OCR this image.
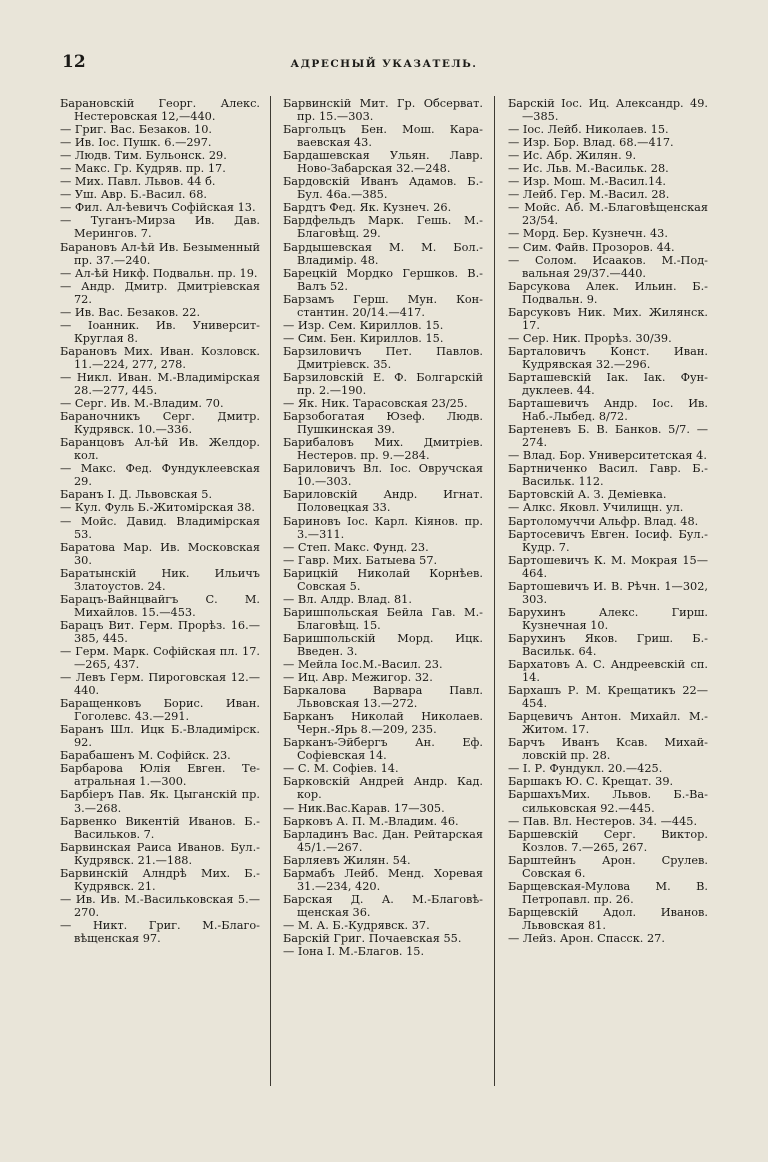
12	АДРЕСНЫЙ УКАЗАТЕЛЬ.
Барановскій Георг. Алекс. Нестеровская 12,—440.
— Григ. Вас. Безаков. 10.
— Ив. Іос. Пушк. 6.—297.
— Людв. Тим. Бульонск. 29.
— Макс. Гр. Кудряв. пр. 17.
— Мих. Павл. Львов. 44 б.
— Уш. Авр. Б.-Васил. 68.
— Фил. Ал-ѣевичъ Софійская 13.
— Туганъ-Мирза Ив. Дав. Мерингов. 7.
Барановъ Ал-ѣй Ив. Безыменный пр. 37.—240.
— Ал-ѣй Никф. Подвальн. пр. 19.
— Андр. Дмитр. Дмитріевская 72.
— Ив. Вас. Безаков. 22.
— Іоанник. Ив. Университ-Круглая 8.
Барановъ Мих. Иван. Козловск. 11.—224, 277, 278.
— Никл. Иван. М.-Владимірская 28.—277, 445.
— Серг. Ив. М.-Владим. 70.
Бараночникъ Серг. Дмитр. Кудрявск. 10.—336.
Баранцовъ Ал-ѣй Ив. Желдор. кол.
— Макс. Фед. Фундуклеевская 29.
Баранъ І. Д. Львовская 5.
— Кул. Фуль Б.-Житомірская 38.
— Мойс. Давид. Владимірская 53.
Баратова Мар. Ив. Московская 30.
Баратынскій Ник. Ильичъ Златоустов. 24.
Барацъ-Вайнцвайгъ С. М. Михайлов. 15.—453.
Барацъ Вит. Герм. Прорѣз. 16.—385, 445.
— Герм. Марк. Софійская пл. 17.—265, 437.
— Левъ Герм. Пироговская 12.—440.
Баращенковъ Борис. Иван. Гоголевс. 43.—291.
Баранъ Шл. Ицк Б.-Владимірск. 92.
Барабашенъ М. Софійск. 23.
Барбарова Юлія Евген. Театральная 1.—300.
Барбіеръ Пав. Як. Цыганскій пр. 3.—268.
Барвенко Викентій Иванов. Б.-Васильков. 7.
Барвинская Раиса Иванов. Бул.-Кудрявск. 21.—188.
Барвинскій Алндрѣ Мих. Б.-Кудрявск. 21.
— Ив. Ив. М.-Васильковская 5.—270.
— Никт. Григ. М.-Благовѣщенская 97.
Барвинскій Мит. Гр. Обсерват. пр. 15.—303.
Баргольцъ Бен. Мош. Караваевская 43.
Бардашевская Ульян. Лавр. Ново-Забарская 32.—248.
Бардовскій Иванъ Адамов. Б.-Бул. 46а.—385.
Бардтъ Фед. Як. Кузнеч. 26.
Бардфельдъ Марк. Гешь. М.-Благовѣщ. 29.
Бардышевская М. М. Бол.-Владимір. 48.
Барецкій Мордко Гершков. В.-Валъ 52.
Барзамъ Герш. Мун. Константин. 20/14.—417.
— Изр. Сем. Кириллов. 15.
— Сим. Бен. Кириллов. 15.
Барзиловичъ Пет. Павлов. Дмитріевск. 35.
Барзиловскій Е. Ф. Болгарскій пр. 2.—190.
— Як. Ник. Тарасовская 23/25.
Барзобогатая Юзеф. Людв. Пушкинская 39.
Барибаловъ Мих. Дмитріев. Нестеров. пр. 9.—284.
Бариловичъ Вл. Іос. Овручская 10.—303.
Бариловскій Андр. Игнат. Половецкая 33.
Бариновъ Іос. Карл. Кіянов. пр. 3.—311.
— Степ. Макс. Фунд. 23.
— Гавр. Мих. Батыева 57.
Барицкій Николай Корнѣев. Совская 5.
— Вл. Алдр. Влад. 81.
Баришпольская Бейла Гав. М.-Благовѣщ. 15.
Баришпольскій Морд. Ицк. Введен. 3.
— Мейла Іос.М.-Васил. 23.
— Иц. Авр. Межигор. 32.
Баркалова Варвара Павл. Львовская 13.—272.
Барканъ Николай Николаев. Черн.-Ярь 8.—209, 235.
Барканъ-Эйбергъ Ан. Еф. Софіевская 14.
— С. М. Софіев. 14.
Барковскій Андрей Андр. Кад. кор.
— Ник.Вас.Карав. 17—305.
Барковъ А. П. М.-Владим. 46.
Барладинъ Вас. Дан. Рейтарская 45/1.—267.
Барляевъ Жилян. 54.
Бармабъ Лейб. Менд. Хоревая 31.—234, 420.
Барская Д. А. М.-Благовѣщенская 36.
— М. А. Б.-Кудрявск. 37.
Барскій Григ. Почаевская 55.
— Іона І. М.-Благов. 15.
Барскій Іос. Иц. Александр. 49.—385.
— Іос. Лейб. Николаев. 15.
— Изр. Бор. Влад. 68.—417.
— Ис. Абр. Жилян. 9.
— Ис. Льв. М.-Васильк. 28.
— Изр. Мош. М.-Васил.14.
— Лейб. Гер. М.-Васил. 28.
— Мойс. Аб. М.-Благовѣщенская 23/54.
— Морд. Бер. Кузнечн. 43.
— Сим. Файв. Прозоров. 44.
— Солом. Исааков. М.-Подвальная 29/37.—440.
Барсукова Алек. Ильин. Б.-Подвальн. 9.
Барсуковъ Ник. Мих. Жилянск. 17.
— Сер. Ник. Прорѣз. 30/39.
Барталовичъ Конст. Иван. Кудрявская 32.—296.
Барташевскій Іак. Іак. Фундуклеев. 44.
Барташевичъ Андр. Іос. Ив. Наб.-Лыбед. 8/72.
Бартеневъ Б. В. Банков. 5/7. —274.
— Влад. Бор. Университетская 4.
Бартниченко Васил. Гавр. Б.-Васильк. 112.
Бартовскій А. З. Деміевка.
— Алкс. Яковл. Училищн. ул.
Бартоломуччи Альфр. Влад. 48.
Бартосевичъ Евген. Іосиф. Бул.-Кудр. 7.
Бартошевичъ К. М. Мокрая 15—464.
Бартошевичъ И. В. Рѣчн. 1—302, 303.
Барухинъ Алекс. Гирш. Кузнечная 10.
Барухинъ Яков. Гриш. Б.-Васильк. 64.
Бархатовъ А. С. Андреевскій сп. 14.
Бархашъ Р. М. Крещатикъ 22—454.
Барцевичъ Антон. Михайл. М.-Житом. 17.
Барчъ Иванъ Ксав. Михайловскій пр. 28.
— І. Р. Фундукл. 20.—425.
Баршакъ Ю. С. Крещат. 39.
БаршахъМих. Львов. Б.-Васильковская 92.—445.
— Пав. Вл. Нестеров. 34. —445.
Баршевскій Серг. Виктор. Козлов. 7.—265, 267.
Барштейнъ Арон. Срулев. Совская 6.
Барщевская-Мулова М. В. Петропавл. пр. 26.
Барщевскій Адол. Иванов. Львовская 81.
— Лейз. Арон. Спасск. 27.
